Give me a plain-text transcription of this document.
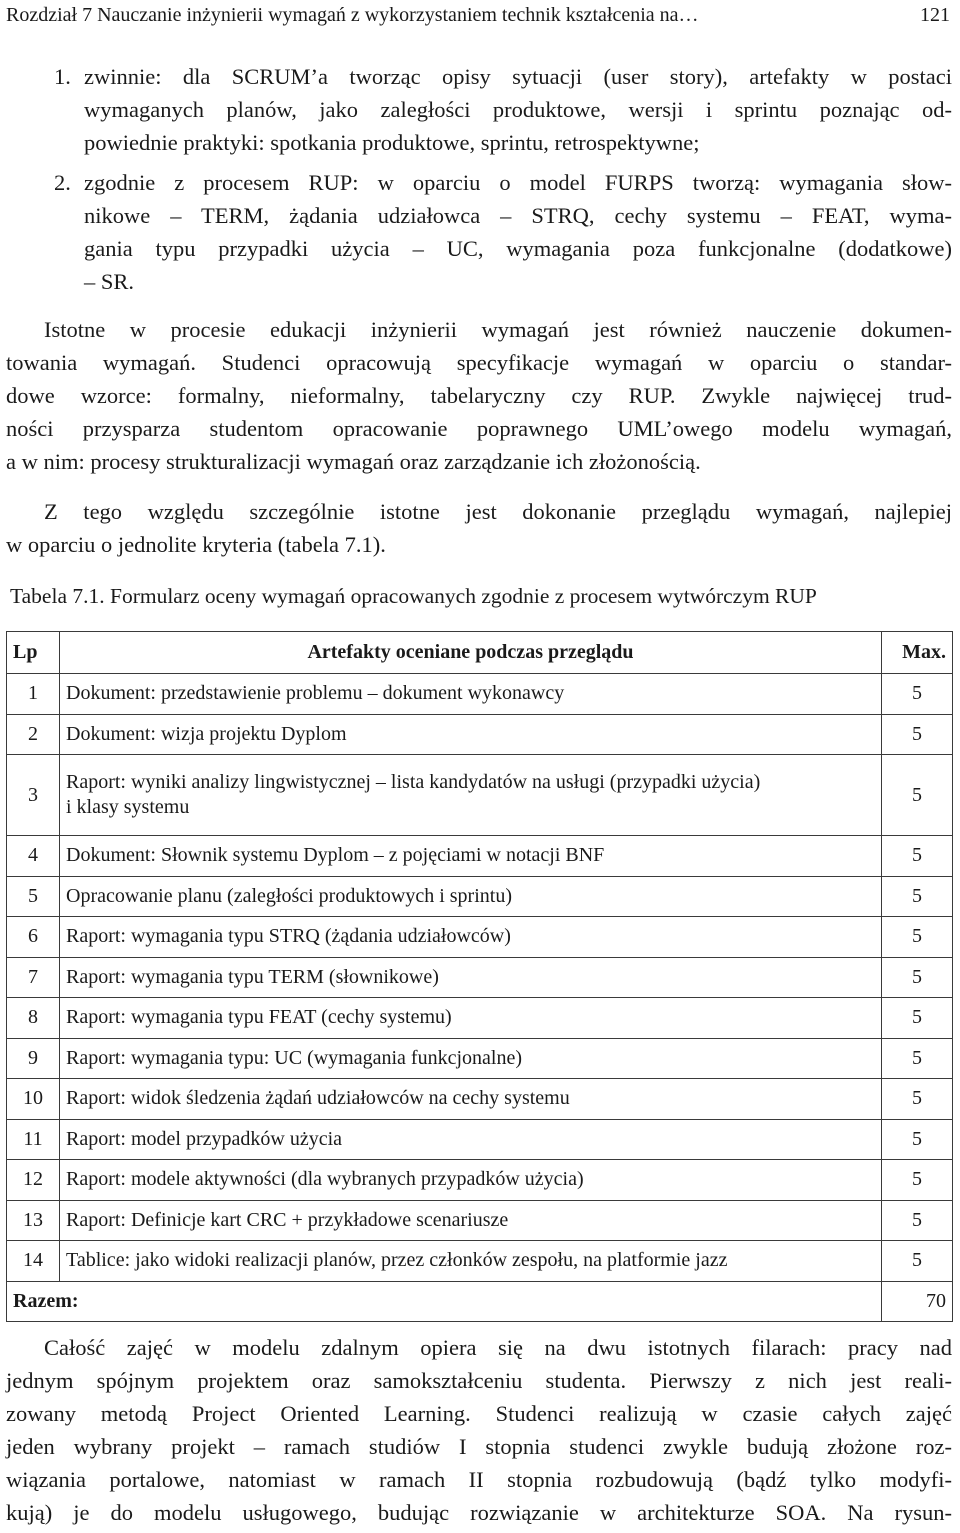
Rozdział 7 Nauczanie inżynierii wymagań z wykorzystaniem technik kształcenia na…	121
1. zwinnie: dla SCRUM’a tworząc opisy sytuacji (user story), artefakty w postaci
wymaganych planów, jako zaległości produktowe, wersji i sprintu poznając od-
powiednie praktyki: spotkania produktowe, sprintu, retrospektywne;
2. zgodnie z procesem RUP: w oparciu o model FURPS tworzą: wymagania słow-
nikowe – TERM, żądania udziałowca – STRQ, cechy systemu – FEAT, wyma-
gania typu przypadki użycia – UC, wymagania poza funkcjonalne (dodatkowe)
– SR.
Istotne w procesie edukacji inżynierii wymagań jest również nauczenie dokumen-
towania wymagań. Studenci opracowują specyfikacje wymagań w oparciu o standar-
dowe wzorce: formalny, nieformalny, tabelaryczny czy RUP. Zwykle najwięcej trud-
ności przysparza studentom opracowanie poprawnego UML’owego modelu wymagań,
a w nim: procesy strukturalizacji wymagań oraz zarządzanie ich złożonością.
Z tego względu szczególnie istotne jest dokonanie przeglądu wymagań, najlepiej
w oparciu o jednolite kryteria (tabela 7.1).
Tabela 7.1. Formularz oceny wymagań opracowanych zgodnie z procesem wytwórczym RUP
Lp	Artefakty oceniane podczas przeglądu	Max.
1	Dokument: przedstawienie problemu – dokument wykonawcy	5
2	Dokument: wizja projektu Dyplom	5
3	Raport: wyniki analizy lingwistycznej – lista kandydatów na usługi (przypadki użycia) i klasy systemu	5
4	Dokument: Słownik systemu Dyplom – z pojęciami w notacji BNF	5
5	Opracowanie planu (zaległości produktowych i sprintu)	5
6	Raport: wymagania typu STRQ (żądania udziałowców)	5
7	Raport: wymagania typu TERM (słownikowe)	5
8	Raport: wymagania typu FEAT (cechy systemu)	5
9	Raport: wymagania typu: UC (wymagania funkcjonalne)	5
10	Raport: widok śledzenia żądań udziałowców na cechy systemu	5
11	Raport: model przypadków użycia	5
12	Raport: modele aktywności (dla wybranych przypadków użycia)	5
13	Raport: Definicje kart CRC + przykładowe scenariusze	5
14	Tablice: jako widoki realizacji planów, przez członków zespołu, na platformie jazz	5
Razem:		70
Całość zajęć w modelu zdalnym opiera się na dwu istotnych filarach: pracy nad
jednym spójnym projektem oraz samokształceniu studenta. Pierwszy z nich jest reali-
zowany metodą Project Oriented Learning. Studenci realizują w czasie całych zajęć
jeden wybrany projekt – ramach studiów I stopnia studenci zwykle budują złożone roz-
wiązania portalowe, natomiast w ramach II stopnia rozbudowują (bądź tylko modyfi-
kują) je do modelu usługowego, budując rozwiązanie w architekturze SOA. Na rysun-
